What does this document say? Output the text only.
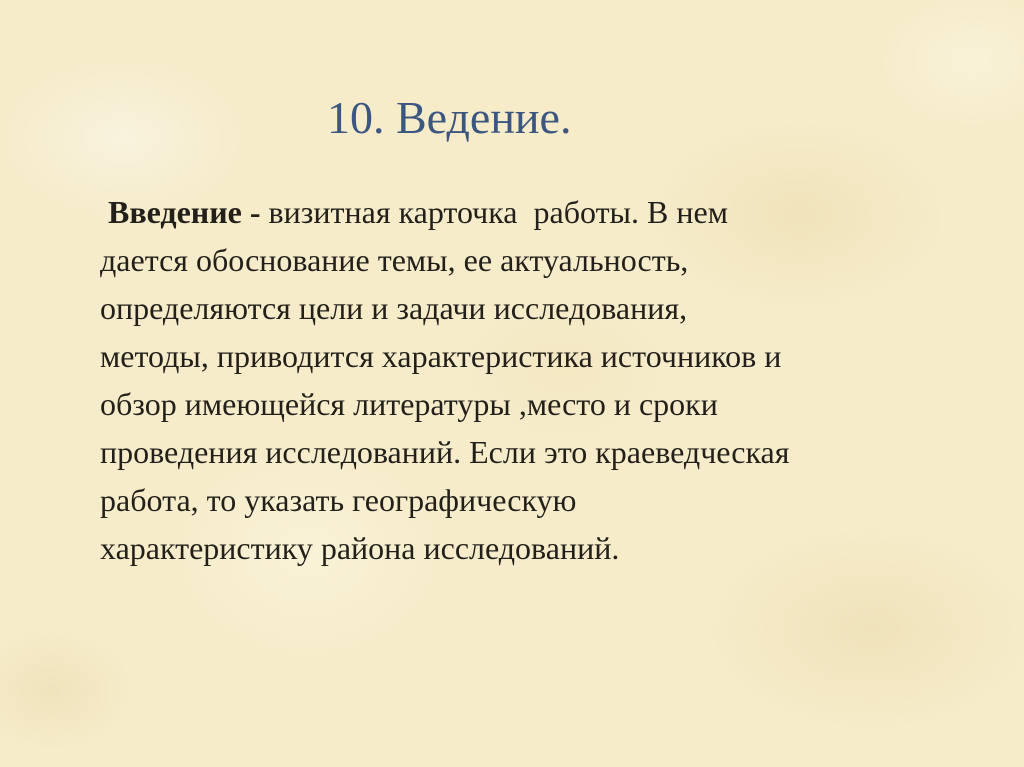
10. Ведение.
Введение - визитная карточка  работы. В нем
дается обоснование темы, ее актуальность,
определяются цели и задачи исследования,
методы, приводится характеристика источников и
обзор имеющейся литературы ,место и сроки
проведения исследований. Если это краеведческая
работа, то указать географическую
характеристику района исследований.
